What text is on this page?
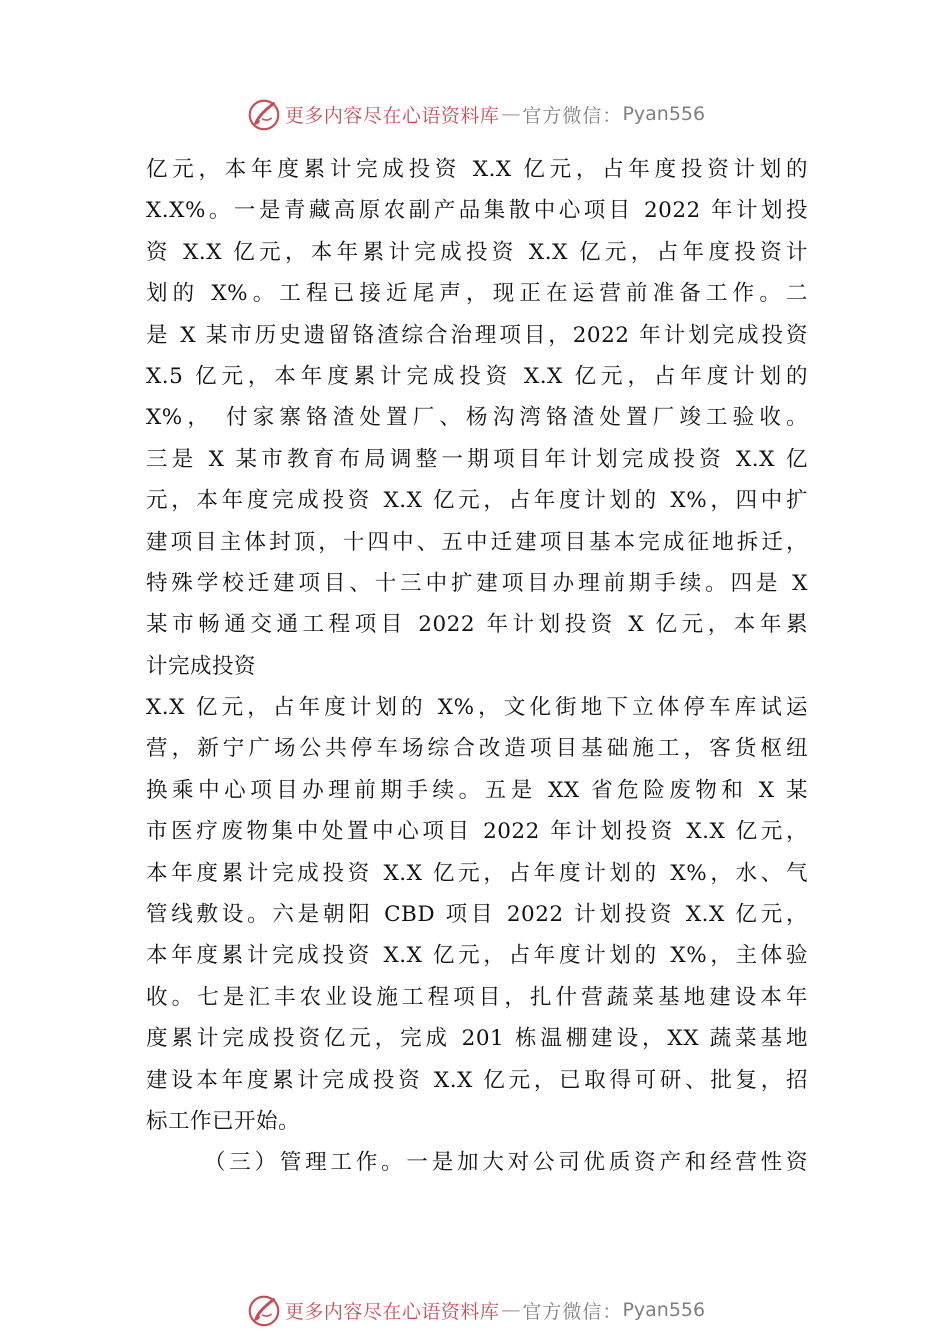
更多内容尽在心语资料库 — 官方微信： Pyan556
亿元，本年度累计完成投资 X.X 亿元，占年度投资计划的
X.X%。一是青藏高原农副产品集散中心项目 2022 年计划投
资 X.X 亿元，本年累计完成投资 X.X 亿元，占年度投资计
划的 X%。工程已接近尾声，现正在运营前准备工作。二
是 X 某市历史遗留铬渣综合治理项目，2022 年计划完成投资
X.5 亿元，本年度累计完成投资 X.X 亿元，占年度计划的
X%， 付家寨铬渣处置厂、杨沟湾铬渣处置厂竣工验收。
三是 X 某市教育布局调整一期项目年计划完成投资 X.X 亿
元，本年度完成投资 X.X 亿元，占年度计划的 X%，四中扩
建项目主体封顶，十四中、五中迁建项目基本完成征地拆迁，
特殊学校迁建项目、十三中扩建项目办理前期手续。四是 X
某市畅通交通工程项目 2022 年计划投资 X 亿元，本年累
计完成投资
X.X 亿元，占年度计划的 X%，文化街地下立体停车库试运
营，新宁广场公共停车场综合改造项目基础施工，客货枢纽
换乘中心项目办理前期手续。五是 XX 省危险废物和 X 某
市医疗废物集中处置中心项目 2022 年计划投资 X.X 亿元，
本年度累计完成投资 X.X 亿元，占年度计划的 X%，水、气
管线敷设。六是朝阳 CBD 项目 2022 计划投资 X.X 亿元，
本年度累计完成投资 X.X 亿元，占年度计划的 X%，主体验
收。七是汇丰农业设施工程项目，扎什营蔬菜基地建设本年
度累计完成投资亿元，完成 201 栋温棚建设，XX 蔬菜基地
建设本年度累计完成投资 X.X 亿元，已取得可研、批复，招
标工作已开始。
（三）管理工作。一是加大对公司优质资产和经营性资
更多内容尽在心语资料库 — 官方微信： Pyan556
